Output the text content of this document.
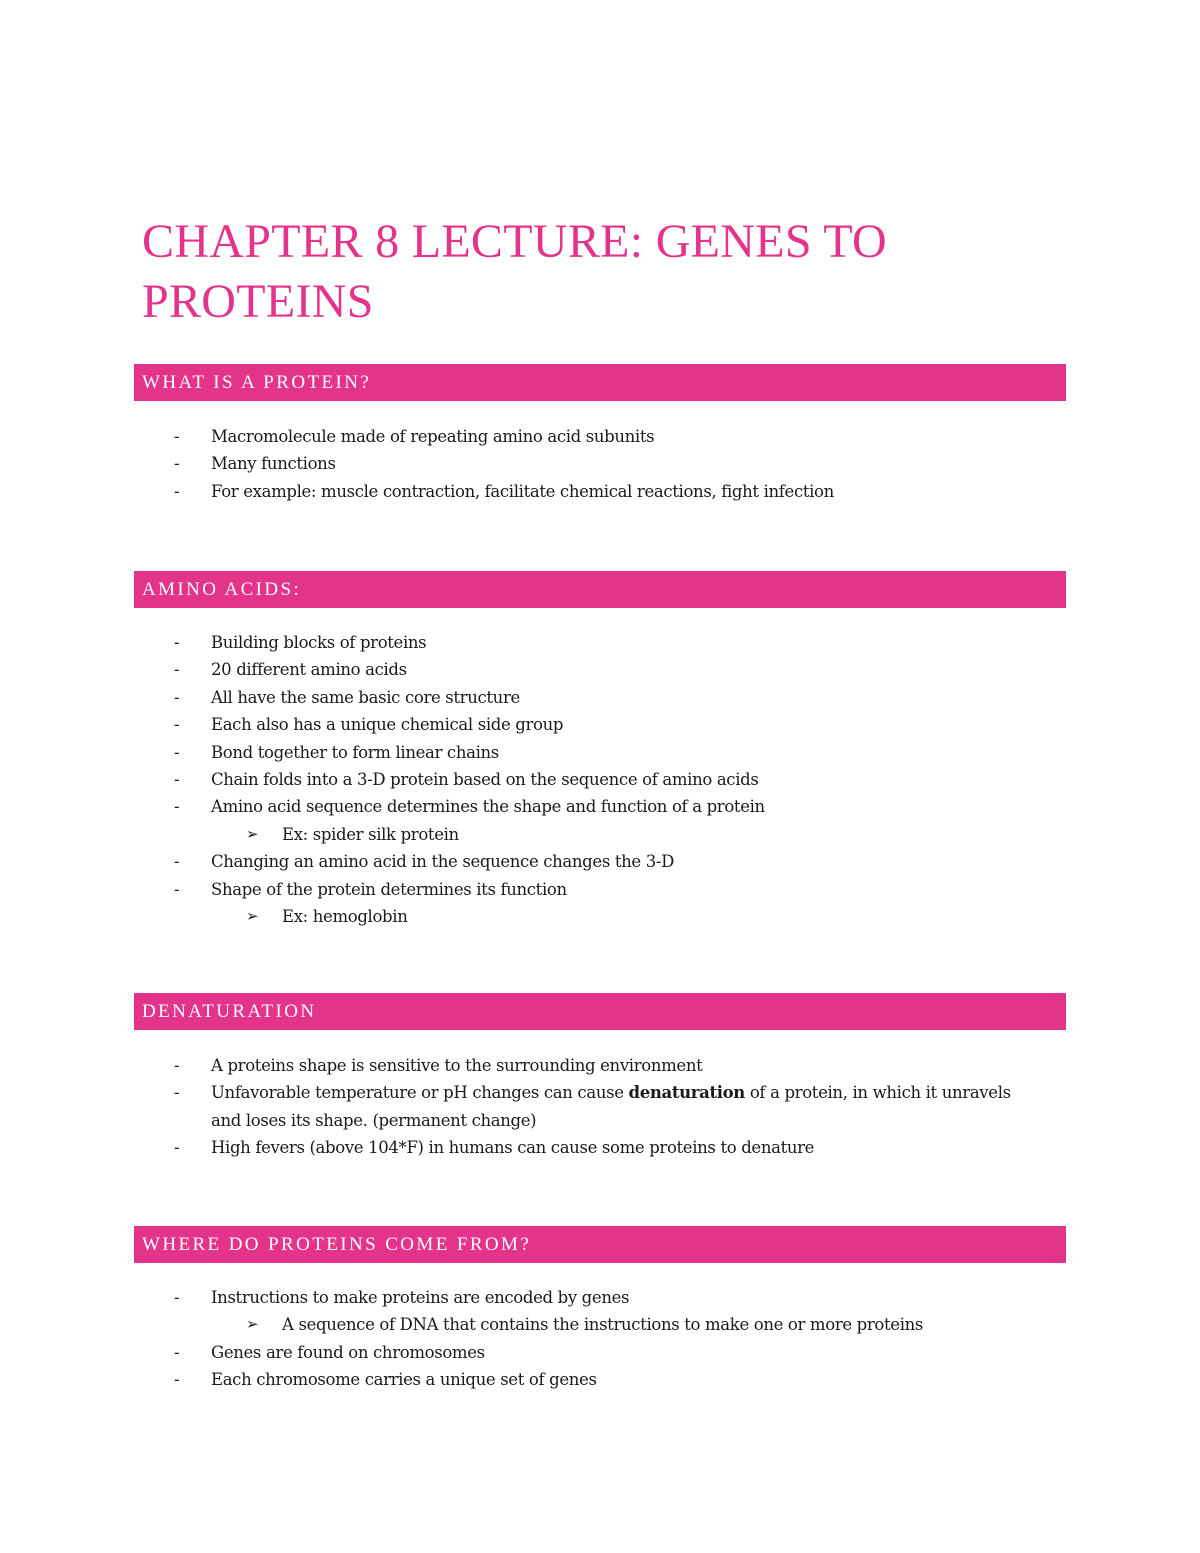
CHAPTER 8 LECTURE: GENES TO PROTEINS
WHAT IS A PROTEIN?
- Macromolecule made of repeating amino acid subunits
- Many functions
- For example: muscle contraction, facilitate chemical reactions, fight infection
AMINO ACIDS:
- Building blocks of proteins
- 20 different amino acids
- All have the same basic core structure
- Each also has a unique chemical side group
- Bond together to form linear chains
- Chain folds into a 3-D protein based on the sequence of amino acids
- Amino acid sequence determines the shape and function of a protein
➢ Ex: spider silk protein
- Changing an amino acid in the sequence changes the 3-D
- Shape of the protein determines its function
➢ Ex: hemoglobin
DENATURATION
- A proteins shape is sensitive to the surrounding environment
- Unfavorable temperature or pH changes can cause denaturation of a protein, in which it unravels and loses its shape. (permanent change)
- High fevers (above 104*F) in humans can cause some proteins to denature
WHERE DO PROTEINS COME FROM?
- Instructions to make proteins are encoded by genes
➢ A sequence of DNA that contains the instructions to make one or more proteins
- Genes are found on chromosomes
- Each chromosome carries a unique set of genes
